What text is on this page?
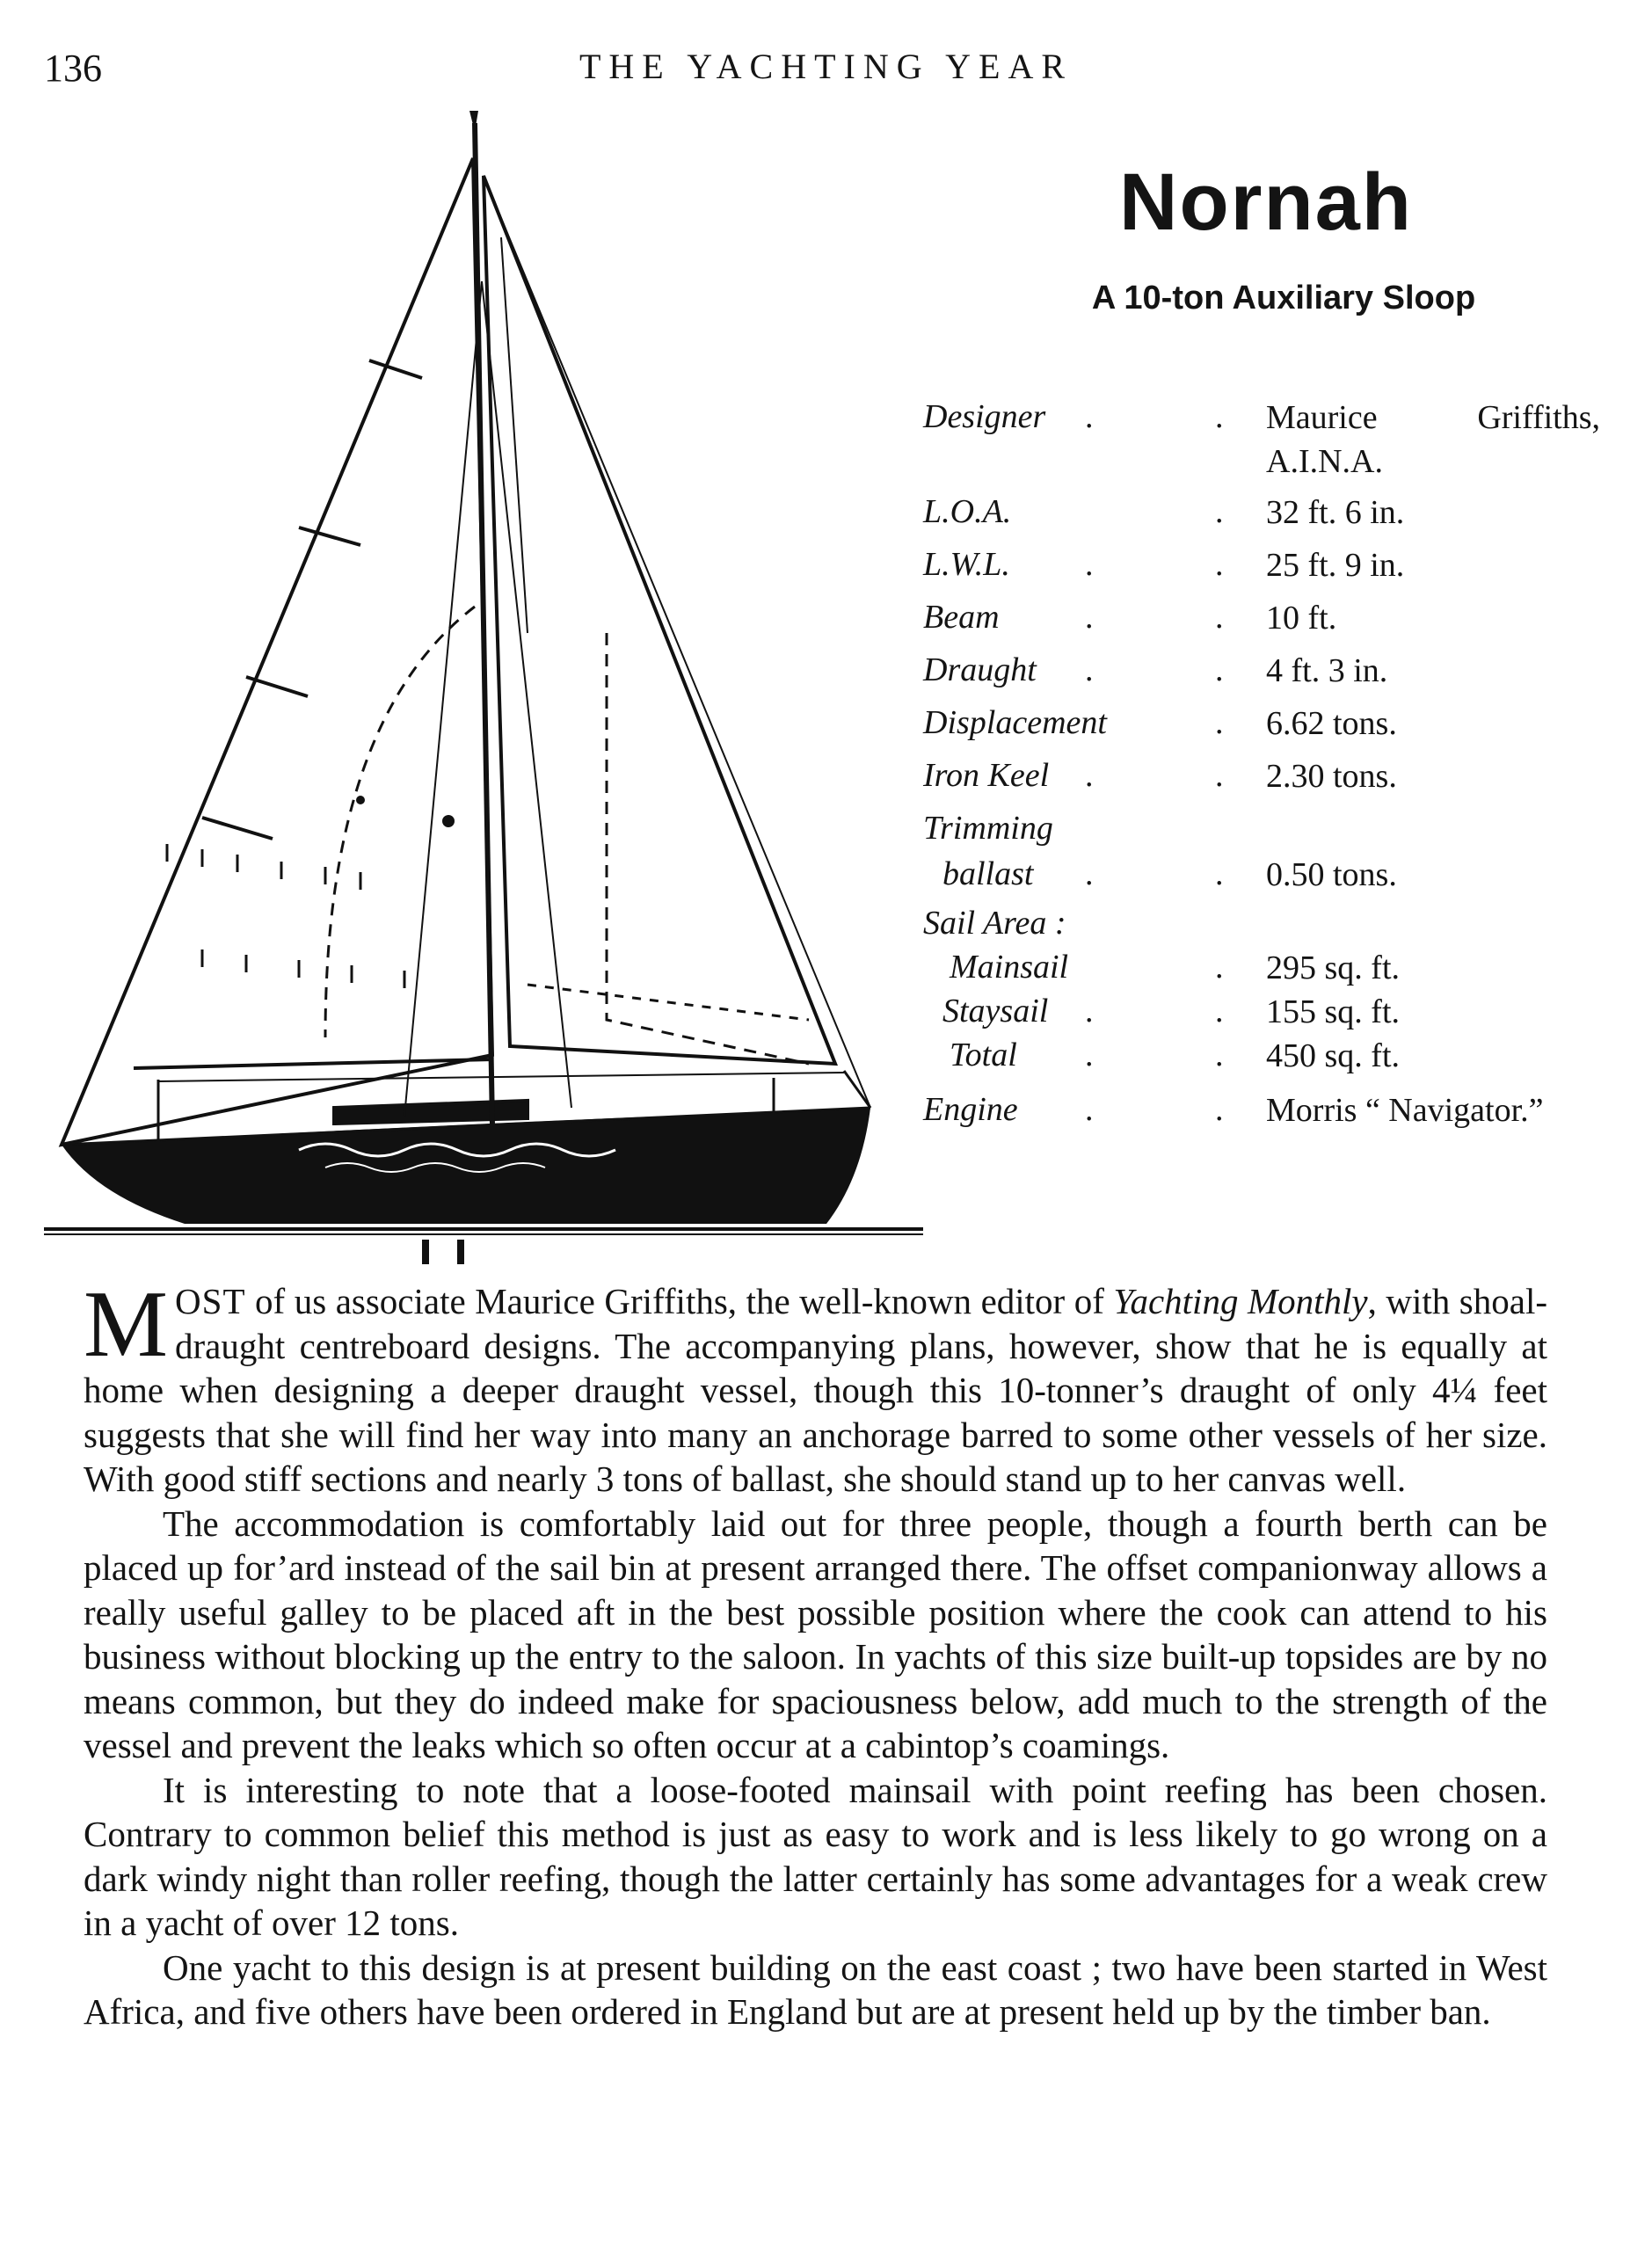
136	THE YACHTING YEAR
Nornah
A 10-ton Auxiliary Sloop
Designer .	. Maurice Griffiths, A.I.N.A.
L.O.A.	. 32 ft. 6 in.
L.W.L. .	. 25 ft. 9 in.
Beam	.	. 10 ft.
Draught .	. 4 ft. 3 in.
Displacement	. 6.62 tons.
Iron Keel .	. 2.30 tons.
Trimming
ballast .	. 0.50 tons.
Sail Area :
Mainsail	. 295 sq. ft.
Staysail .	. 155 sq. ft.
Total .	. 450 sq. ft.
Engine .	. Morris “ Navigator.”

MOST of us associate Maurice Griffiths, the well-known editor of Yachting Monthly, with shoal-draught centreboard designs. The accompanying plans, however, show that he is equally at home when designing a deeper draught vessel, though this 10-tonner’s draught of only 4¼ feet suggests that she will find her way into many an anchorage barred to some other vessels of her size. With good stiff sections and nearly 3 tons of ballast, she should stand up to her canvas well.

The accommodation is comfortably laid out for three people, though a fourth berth can be placed up for’ard instead of the sail bin at present arranged there. The offset companionway allows a really useful galley to be placed aft in the best possible position where the cook can attend to his business without blocking up the entry to the saloon. In yachts of this size built-up topsides are by no means common, but they do indeed make for spaciousness below, add much to the strength of the vessel and prevent the leaks which so often occur at a cabintop’s coamings.

It is interesting to note that a loose-footed mainsail with point reefing has been chosen. Contrary to common belief this method is just as easy to work and is less likely to go wrong on a dark windy night than roller reefing, though the latter certainly has some advantages for a weak crew in a yacht of over 12 tons.

One yacht to this design is at present building on the east coast ; two have been started in West Africa, and five others have been ordered in England but are at present held up by the timber ban.
